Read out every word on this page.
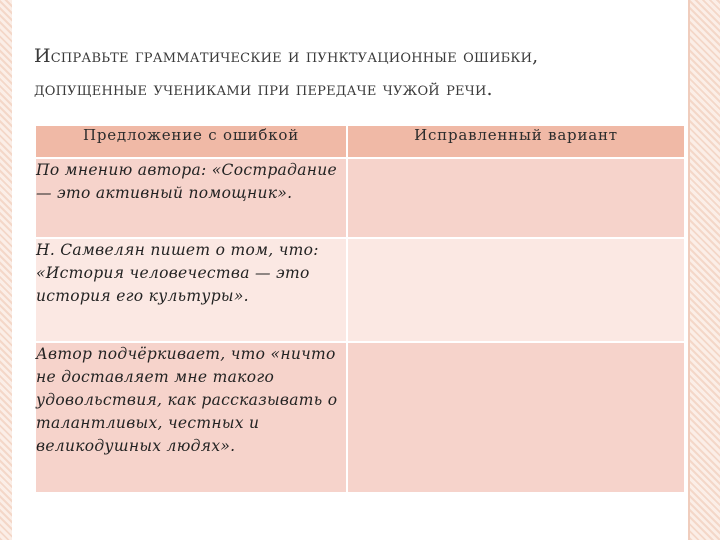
Исправьте грамматические и пунктуационные ошибки,
допущенные учениками при передаче чужой речи.
Предложение с ошибкой	Исправленный вариант
По мнению автора: «Сострадание — это активный помощник».	
Н. Самвелян пишет о том, что: «История человечества — это история его культуры».	
Автор подчёркивает, что «ничто не доставляет мне такого удовольствия, как рассказывать о талантливых, честных и великодушных людях».	
